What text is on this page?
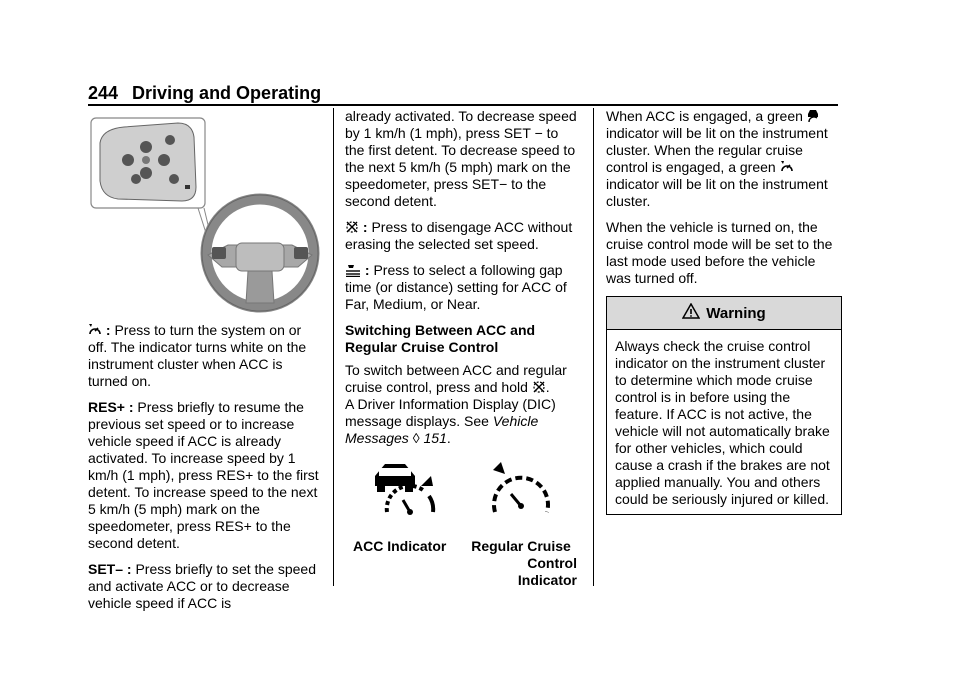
244 Driving and Operating

: Press to turn the system on or off. The indicator turns white on the instrument cluster when ACC is turned on.

RES+ : Press briefly to resume the previous set speed or to increase vehicle speed if ACC is already activated. To increase speed by 1 km/h (1 mph), press RES+ to the first detent. To increase speed to the next 5 km/h (5 mph) mark on the speedometer, press RES+ to the second detent.

SET– : Press briefly to set the speed and activate ACC or to decrease vehicle speed if ACC is

already activated. To decrease speed by 1 km/h (1 mph), press SET − to the first detent. To decrease speed to the next 5 km/h (5 mph) mark on the speedometer, press SET− to the second detent.

: Press to disengage ACC without erasing the selected set speed.

: Press to select a following gap time (or distance) setting for ACC of Far, Medium, or Near.

Switching Between ACC and Regular Cruise Control

To switch between ACC and regular cruise control, press and hold .

A Driver Information Display (DIC) message displays. See Vehicle Messages ◊ 151.

ACC Indicator	Regular Cruise
Control Indicator

When ACC is engaged, a green
indicator will be lit on the instrument cluster. When the regular cruise control is engaged, a green
indicator will be lit on the instrument cluster.

When the vehicle is turned on, the cruise control mode will be set to the last mode used before the vehicle was turned off.

Warning

Always check the cruise control indicator on the instrument cluster to determine which mode cruise control is in before using the feature. If ACC is not active, the vehicle will not automatically brake for other vehicles, which could cause a crash if the brakes are not applied manually. You and others could be seriously injured or killed.
